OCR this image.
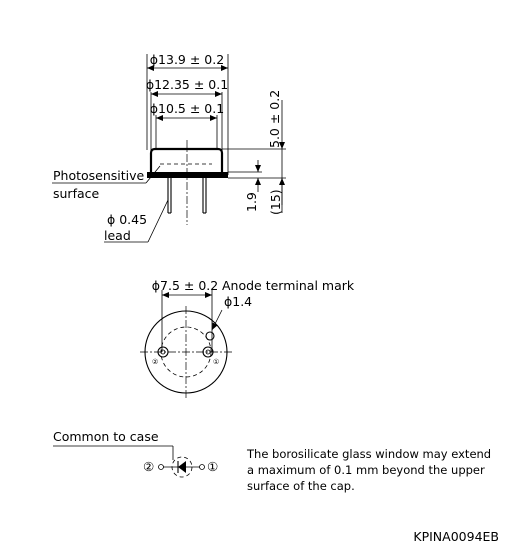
ϕ13.9 ± 0.2
ϕ12.35 ± 0.1
ϕ10.5 ± 0.1	5.0 ± 0.2
1.9 (15)
Photosensitive
surface
ϕ 0.45
lead
ϕ7.5 ± 0.2 Anode terminal mark
ϕ1.4
②	①
Common to case
②	①
The borosilicate glass window may extend
a maximum of 0.1 mm beyond the upper
surface of the cap.
KPINA0094EB
